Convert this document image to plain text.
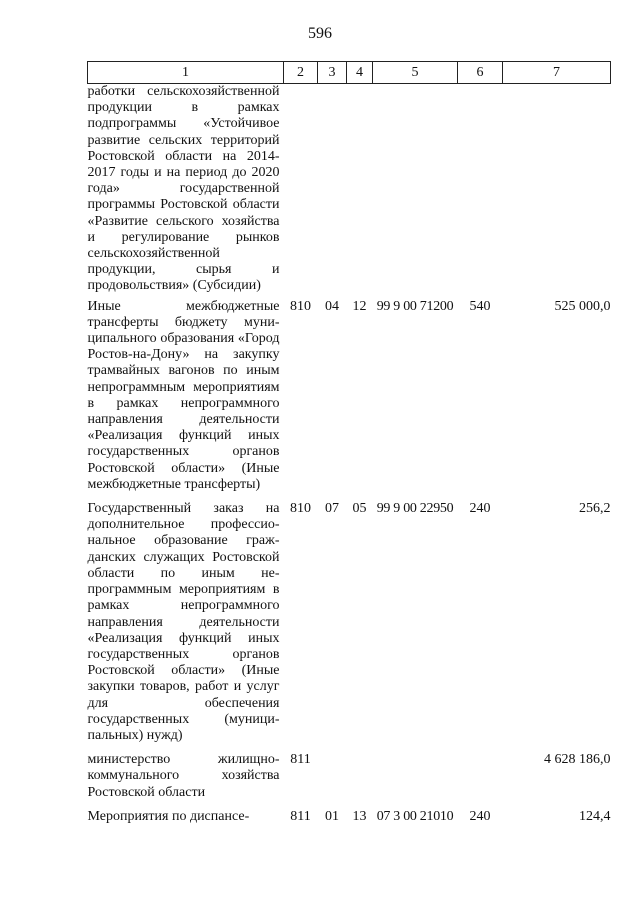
596
1	2	3	4	5	6	7
работки сельскохозяйственной продукции в рамках подпрограммы «Устойчивое развитие сельских территорий Ростовской области на 2014-2017 годы и на период до 2020 года» государственной программы Ростовской области «Развитие сельского хозяйства и регулирование рынков сельскохозяйственной продукции, сырья и продовольствия» (Субсидии)						
Иные межбюджетные трансферты бюджету муниципального образования «Город Ростов-на-Дону» на закупку трамвайных вагонов по иным непрограммным мероприятиям в рамках непрограммного направления деятельности «Реализация функций иных государственных органов Ростовской области» (Иные межбюджетные трансферты)	810	04	12	99 9 00 71200	540	525 000,0
Государственный заказ на дополнительное профессиональное образование гражданских служащих Ростовской области по иным непрограммным мероприятиям в рамках непрограммного направления деятельности «Реализация функций иных государственных органов Ростовской области» (Иные закупки товаров, работ и услуг для обеспечения государственных (муниципальных) нужд)	810	07	05	99 9 00 22950	240	256,2
министерство жилищно-коммунального хозяйства Ростовской области	811					4 628 186,0
Мероприятия по диспансе-	811	01	13	07 3 00 21010	240	124,4
